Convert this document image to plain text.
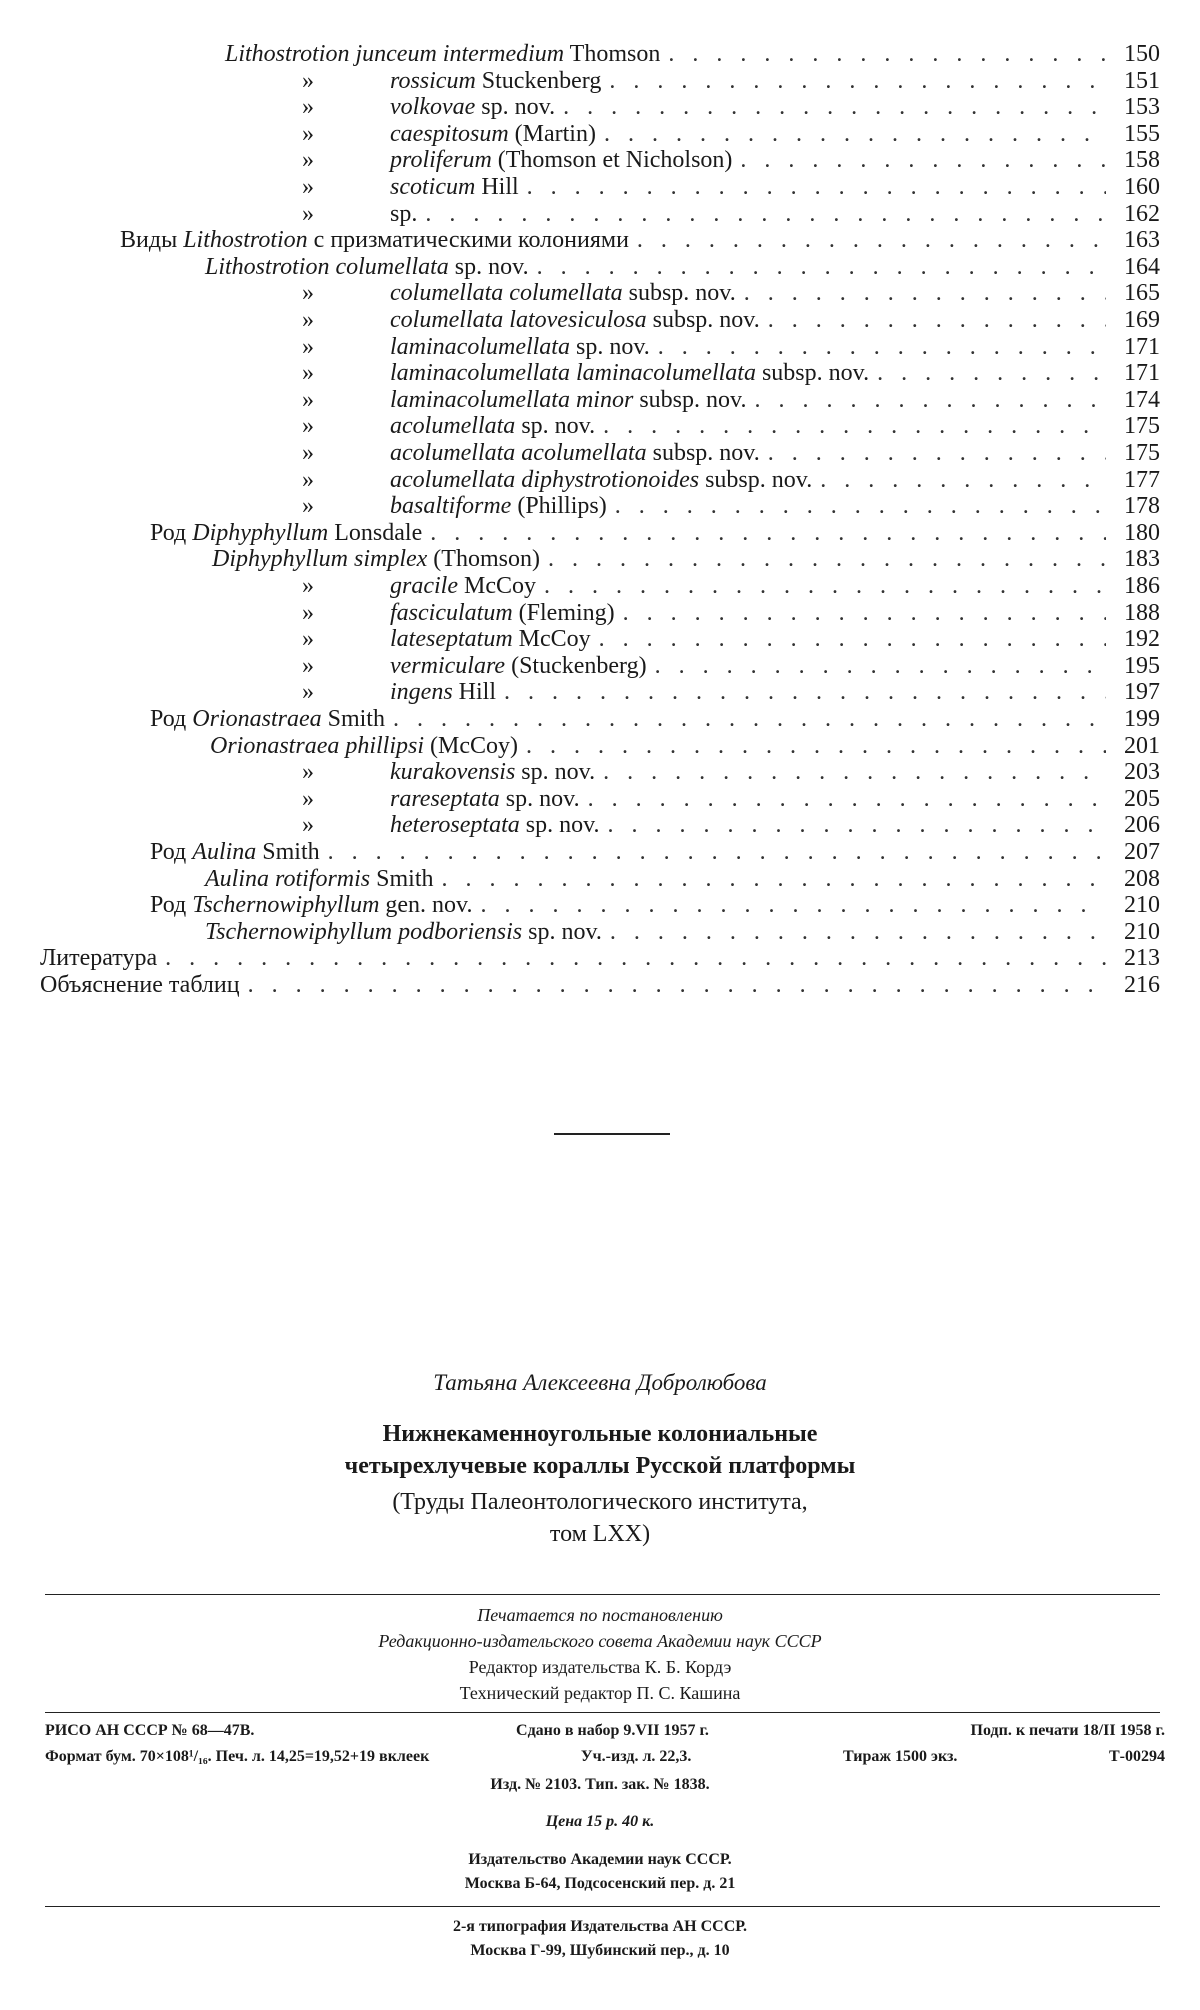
Lithostrotion junceum intermedium Thomson . . .	150
»	rossicum Stuckenberg . . .	151
»	volkovae sp. nov. . . .	153
»	caespitosum (Martin) . . .	155
»	proliferum (Thomson et Nicholson) . . .	158
»	scoticum Hill . . .	160
»	sp. . . .	162
Виды Lithostrotion с призматическими колониями . . .	163
Lithostrotion columellata sp. nov. . . .	164
»	columellata columellata subsp. nov. . . .	165
»	columellata latovesiculosa subsp. nov. . . .	169
»	laminacolumellata sp. nov. . . .	171
»	laminacolumellata laminacolumellata subsp. nov. . . .	171
»	laminacolumellata minor subsp. nov. . . .	174
»	acolumellata sp. nov. . . .	175
»	acolumellata acolumellata subsp. nov. . . .	175
»	acolumellata diphystrotionoides subsp. nov. . . .	177
»	basaltiforme (Phillips) . . .	178
Род Diphyphyllum Lonsdale . . .	180
Diphyphyllum simplex (Thomson) . . .	183
»	gracile McCoy . . .	186
»	fasciculatum (Fleming) . . .	188
»	lateseptatum McCoy . . .	192
»	vermiculare (Stuckenberg) . . .	195
»	ingens Hill . . .	197
Род Orionastraea Smith . . .	199
Orionastraea phillipsi (McCoy) . . .	201
»	kurakovensis sp. nov. . . .	203
»	rareseptata sp. nov. . . .	205
»	heteroseptata sp. nov. . . .	206
Род Aulina Smith . . .	207
Aulina rotiformis Smith . . .	208
Род Tschernowiphyllum gen. nov. . . .	210
Tschernowiphyllum podboriensis sp. nov. . . .	210
Литература . . .	213
Объяснение таблиц . . .	216
Татьяна Алексеевна Добролюбова
Нижнекаменноугольные колониальные
четырехлучевые кораллы Русской платформы
(Труды Палеонтологического института,
том LXX)
Печатается по постановлению
Редакционно-издательского совета Академии наук СССР
Редактор издательства К. Б. Кордэ
Технический редактор П. С. Кашина
РИСО АН СССР № 68—47В.	Сдано в набор 9.VII 1957 г.	Подп. к печати 18/II 1958 г.
Формат бум. 70×108¹/₁₆. Печ. л. 14,25=19,52+19 вклеек	Уч.-изд. л. 22,3.	Тираж 1500 экз.	Т-00294
Изд. № 2103. Тип. зак. № 1838.
Цена 15 р. 40 к.
Издательство Академии наук СССР.
Москва Б-64, Подсосенский пер. д. 21
2-я типография Издательства АН СССР.
Москва Г-99, Шубинский пер., д. 10
